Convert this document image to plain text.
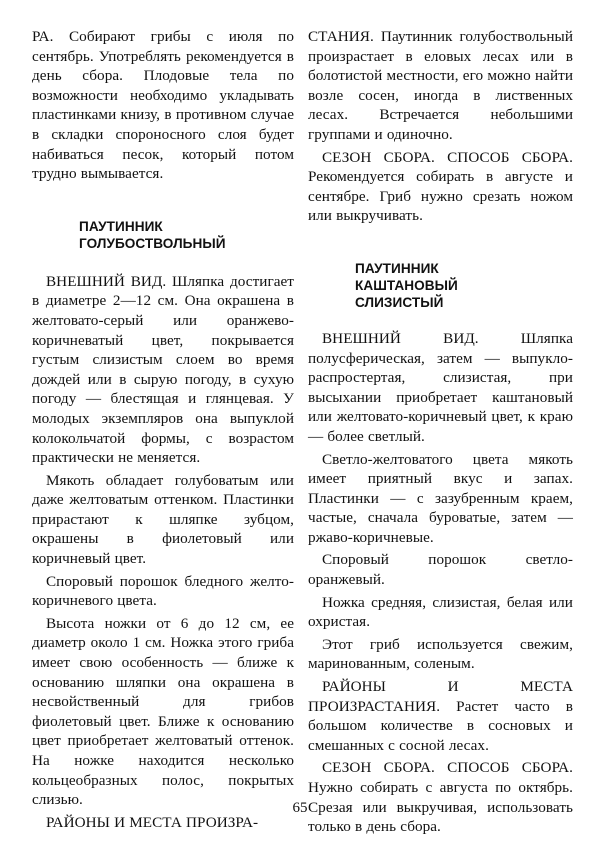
РА. Собирают грибы с июля по сентябрь. Употреблять рекомендуется в день сбора. Плодовые тела по возможности необходимо укладывать пластинками книзу, в противном случае в складки спороносного слоя будет набиваться песок, который потом трудно вымывается.

ПАУТИННИК
ГОЛУБОСТВОЛЬНЫЙ

ВНЕШНИЙ ВИД. Шляпка достигает в диаметре 2—12 см. Она окрашена в желтовато-серый или оранжево-коричневатый цвет, покрывается густым слизистым слоем во время дождей или в сырую погоду, в сухую погоду — блестящая и глянцевая. У молодых экземпляров она выпуклой колокольчатой формы, с возрастом практически не меняется.

Мякоть обладает голубоватым или даже желтоватым оттенком. Пластинки прирастают к шляпке зубцом, окрашены в фиолетовый или коричневый цвет.

Споровый порошок бледного желто-коричневого цвета.

Высота ножки от 6 до 12 см, ее диаметр около 1 см. Ножка этого гриба имеет свою особенность — ближе к основанию шляпки она окрашена в несвойственный для грибов фиолетовый цвет. Ближе к основанию цвет приобретает желтоватый оттенок. На ножке находится несколько кольцеобразных полос, покрытых слизью.

РАЙОНЫ И МЕСТА ПРОИЗРА-

СТАНИЯ. Паутинник голубоствольный произрастает в еловых лесах или в болотистой местности, его можно найти возле сосен, иногда в лиственных лесах. Встречается небольшими группами и одиночно.

СЕЗОН СБОРА. СПОСОБ СБОРА. Рекомендуется собирать в августе и сентябре. Гриб нужно срезать ножом или выкручивать.

ПАУТИННИК
КАШТАНОВЫЙ
СЛИЗИСТЫЙ

ВНЕШНИЙ ВИД. Шляпка полусферическая, затем — выпукло-распростертая, слизистая, при высыхании приобретает каштановый или желтовато-коричневый цвет, к краю — более светлый.

Светло-желтоватого цвета мякоть имеет приятный вкус и запах. Пластинки — с зазубренным краем, частые, сначала буроватые, затем — ржаво-коричневые.

Споровый порошок светло-оранжевый.

Ножка средняя, слизистая, белая или охристая.

Этот гриб используется свежим, маринованным, соленым.

РАЙОНЫ И МЕСТА ПРОИЗРАСТАНИЯ. Растет часто в большом количестве в сосновых и смешанных с сосной лесах.

СЕЗОН СБОРА. СПОСОБ СБОРА. Нужно собирать с августа по октябрь. Срезая или выкручивая, использовать только в день сбора.

65
